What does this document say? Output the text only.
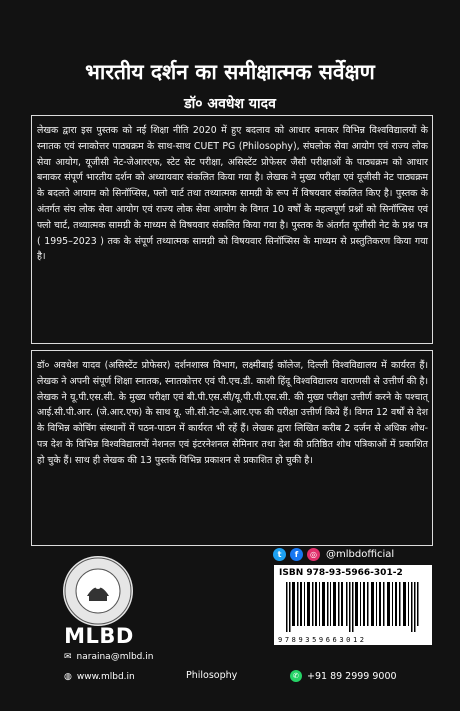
भारतीय दर्शन का समीक्षात्मक सर्वेक्षण
डॉ० अवधेश यादव

लेखक द्वारा इस पुस्तक को नई शिक्षा नीति 2020 में हुए बदलाव को आधार बनाकर विभिन्न विश्वविद्यालयों के स्नातक एवं स्नाकोत्तर पाठ्यक्रम के साथ-साथ CUET PG (Philosophy), संघलोक सेवा आयोग एवं राज्य लोक सेवा आयोग, यूजीसी नेट-जेआरएफ, स्टेट सेट परीक्षा, असिस्टेंट प्रोफेसर जैसी परीक्षाओं के पाठ्यक्रम को आधार बनाकर संपूर्ण भारतीय दर्शन को अध्यायवार संकलित किया गया है। लेखक ने मुख्य परीक्षा एवं यूजीसी नेट पाठ्यक्रम के बदलते आयाम को सिनॉप्सिस, फ्लो चार्ट तथा तथ्यात्मक सामग्री के रूप में विषयवार संकलित किए है। पुस्तक के अंतर्गत संघ लोक सेवा आयोग एवं राज्य लोक सेवा आयोग के विगत 10 वर्षों के महत्वपूर्ण प्रश्नों को सिनॉप्सिस एवं फ्लो चार्ट, तथ्यात्मक सामग्री के माध्यम से विषयवार संकलित किया गया है। पुस्तक के अंतर्गत यूजीसी नेट के प्रश्न पत्र ( 1995–2023 ) तक के संपूर्ण तथ्यात्मक सामग्री को विषयवार सिनॉप्सिस के माध्यम से प्रस्तुतिकरण किया गया है।

डॉ० अवधेश यादव (असिस्टेंट प्रोफेसर) दर्शनशास्त्र विभाग, लक्ष्मीबाई कॉलेज, दिल्ली विश्वविद्यालय में कार्यरत हैं। लेखक ने अपनी संपूर्ण शिक्षा स्नातक, स्नातकोत्तर एवं पी.एच.डी. काशी हिंदू विश्वविद्यालय वाराणसी से उत्तीर्ण की है। लेखक ने यू.पी.एस.सी. के मुख्य परीक्षा एवं बी.पी.एस.सी/यू.पी.पी.एस.सी. की मुख्य परीक्षा उत्तीर्ण करने के पश्चात् आई.सी.पी.आर. (जे.आर.एफ) के साथ यू. जी.सी.नेट-जे.आर.एफ की परीक्षा उत्तीर्ण किये हैं। विगत 12 वर्षों से देश के विभिन्न कोचिंग संस्थानों में पठन-पाठन में कार्यरत भी रहें हैं। लेखक द्वारा लिखित करीब 2 दर्जन से अधिक शोध-पत्र देश के विभिन्न विश्वविद्यालयों नेशनल एवं इंटरनेशनल सेमिनार तथा देश की प्रतिष्ठित शोध पत्रिकाओं में प्रकाशित हो चुके हैं। साथ ही लेखक की 13 पुस्तकें विभिन्न प्रकाशन से प्रकाशित हो चुकी है।

t	f	◎ @mlbdofficial
MLBD
✉ naraina@mlbd.in
◍ www.mlbd.in	Philosophy
ISBN 978-93-5966-301-2
9789359663012
✆ +91 89 2999 9000
